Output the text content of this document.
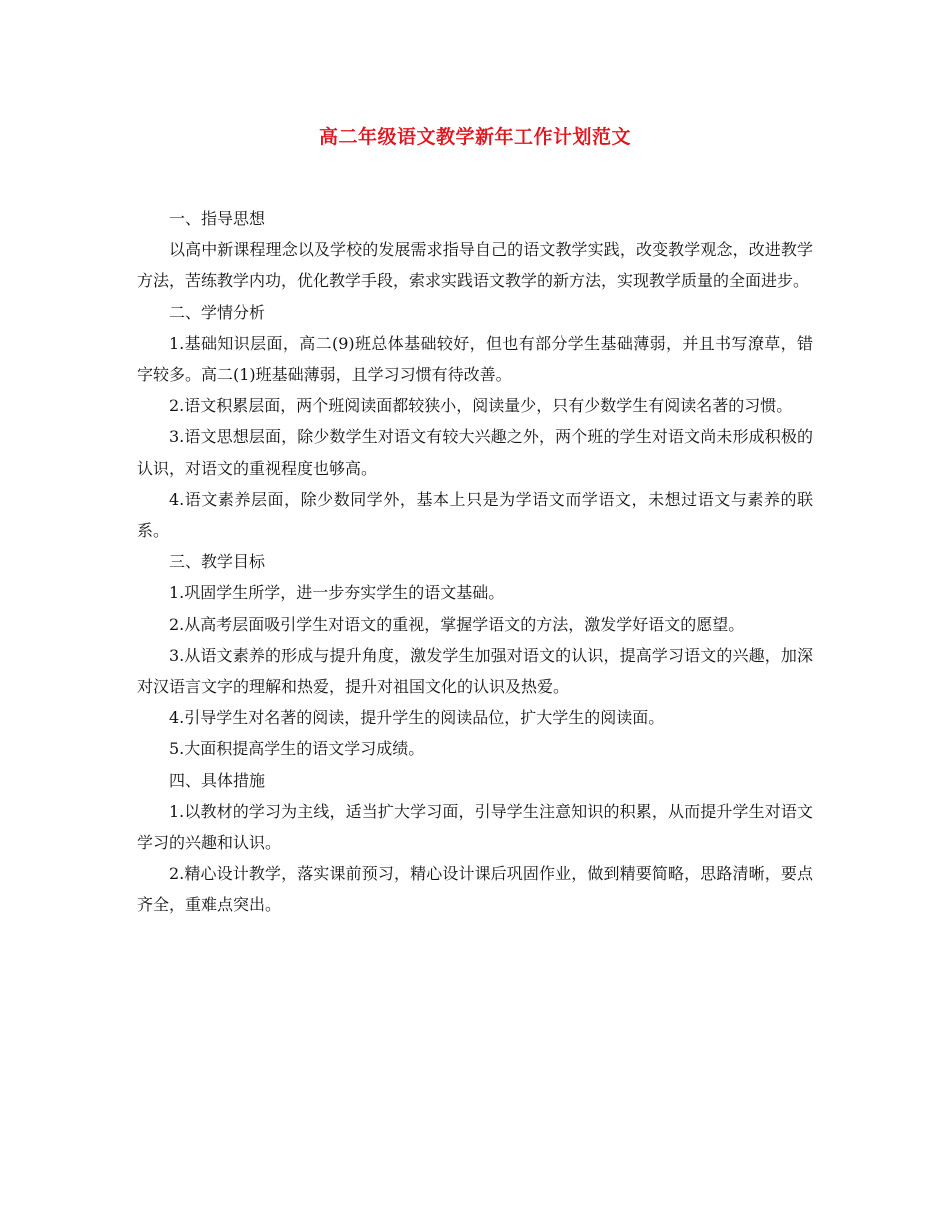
高二年级语文教学新年工作计划范文

一、指导思想

以高中新课程理念以及学校的发展需求指导自己的语文教学实践，改变教学观念，改进教学方法，苦练教学内功，优化教学手段，索求实践语文教学的新方法，实现教学质量的全面进步。

二、学情分析

1.基础知识层面，高二(9)班总体基础较好，但也有部分学生基础薄弱，并且书写潦草，错字较多。高二(1)班基础薄弱，且学习习惯有待改善。

2.语文积累层面，两个班阅读面都较狭小，阅读量少，只有少数学生有阅读名著的习惯。

3.语文思想层面，除少数学生对语文有较大兴趣之外，两个班的学生对语文尚未形成积极的认识，对语文的重视程度也够高。

4.语文素养层面，除少数同学外，基本上只是为学语文而学语文，未想过语文与素养的联系。

三、教学目标

1.巩固学生所学，进一步夯实学生的语文基础。

2.从高考层面吸引学生对语文的重视，掌握学语文的方法，激发学好语文的愿望。

3.从语文素养的形成与提升角度，激发学生加强对语文的认识，提高学习语文的兴趣，加深对汉语言文字的理解和热爱，提升对祖国文化的认识及热爱。

4.引导学生对名著的阅读，提升学生的阅读品位，扩大学生的阅读面。

5.大面积提高学生的语文学习成绩。

四、具体措施

1.以教材的学习为主线，适当扩大学习面，引导学生注意知识的积累，从而提升学生对语文学习的兴趣和认识。

2.精心设计教学，落实课前预习，精心设计课后巩固作业，做到精要简略，思路清晰，要点齐全，重难点突出。
